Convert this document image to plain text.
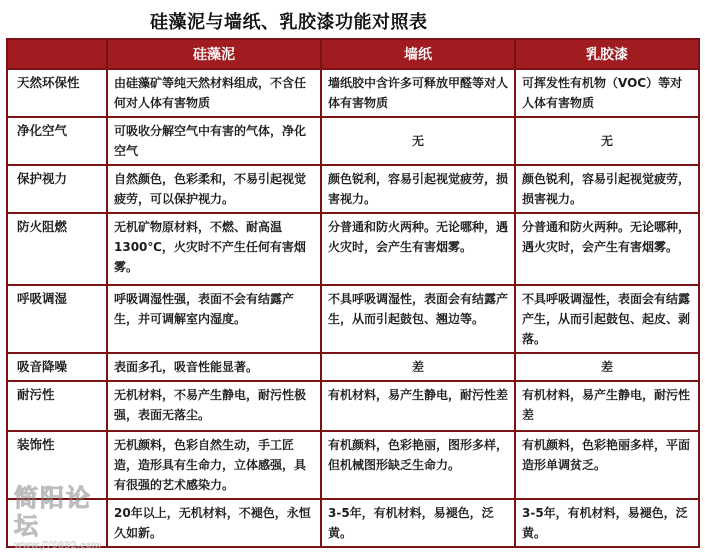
硅藻泥与墙纸、乳胶漆功能对照表
	硅藻泥	墙纸	乳胶漆
天然环保性	由硅藻矿等纯天然材料组成，不含任何对人体有害物质	墙纸胶中含许多可释放甲醛等对人体有害物质	可挥发性有机物（VOC）等对人体有害物质
净化空气	可吸收分解空气中有害的气体，净化空气	无	无
保护视力	自然颜色，色彩柔和，不易引起视觉疲劳，可以保护视力。	颜色锐利，容易引起视觉疲劳，损害视力。	颜色锐利，容易引起视觉疲劳，损害视力。
防火阻燃	无机矿物原材料，不燃、耐高温1300℃，火灾时不产生任何有害烟雾。	分普通和防火两种。无论哪种，遇火灾时，会产生有害烟雾。	分普通和防火两种。无论哪种，遇火灾时，会产生有害烟雾。
呼吸调湿	呼吸调湿性强，表面不会有结露产生，并可调解室内湿度。	不具呼吸调湿性，表面会有结露产生，从而引起鼓包、翘边等。	不具呼吸调湿性，表面会有结露产生，从而引起鼓包、起皮、剥落。
吸音降噪	表面多孔，吸音性能显著。	差	差
耐污性	无机材料，不易产生静电，耐污性极强，表面无落尘。	有机材料，易产生静电，耐污性差	有机材料，易产生静电，耐污性差
装饰性	无机颜料，色彩自然生动，手工匠造，造形具有生命力，立体感强，具有很强的艺术感染力。	有机颜料，色彩艳丽，图形多样，但机械图形缺乏生命力。	有机颜料，色彩艳丽多样，平面造形单调贫乏。
	20年以上，无机材料，不褪色，永恒久如新。	3-5年，有机材料，易褪色，泛黄。	3-5年，有机材料，易褪色，泛黄。
简阳论坛
www.JY0832.com
